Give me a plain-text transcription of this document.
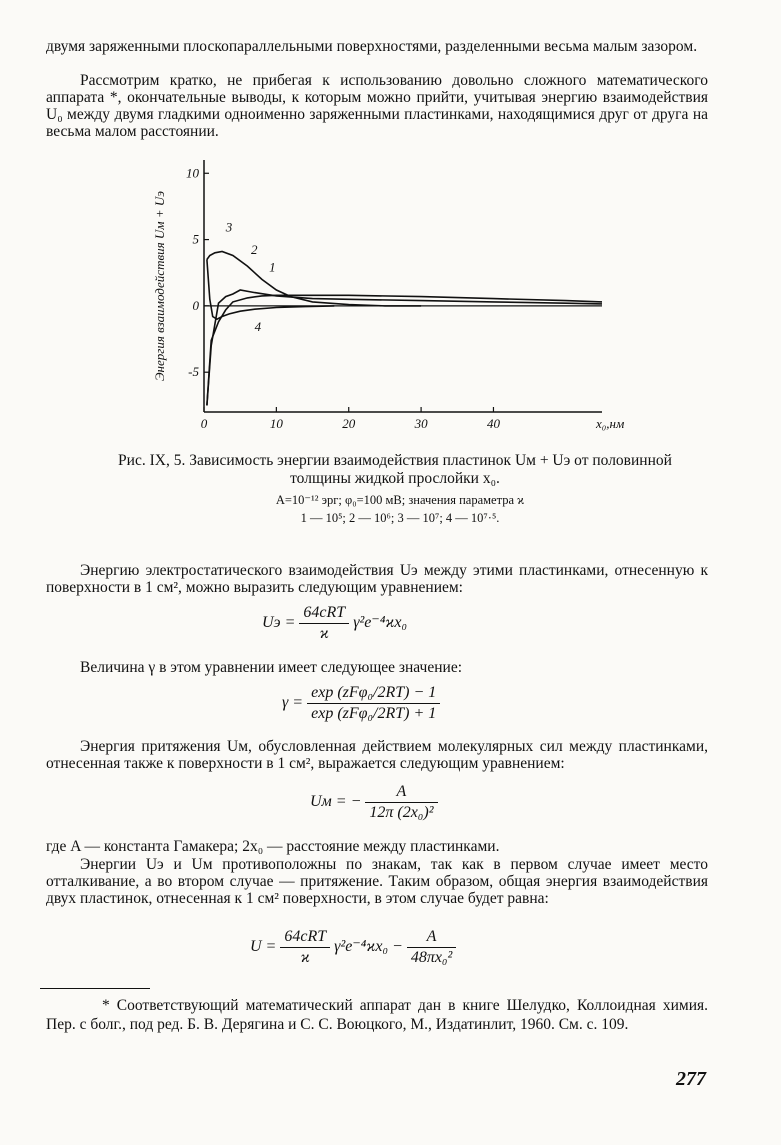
двумя заряженными плоскопараллельными поверхностями, разделенными весьма малым зазором.

Рассмотрим кратко, не прибегая к использованию довольно сложного математического аппарата *, окончательные выводы, к которым можно прийти, учитывая энергию взаимодействия U₀ между двумя гладкими одноименно заряженными пластинками, находящимися друг от друга на весьма малом расстоянии.

0	10	20	30	40
10
5
0
-5
x₀,нм
Энергия взаимодействия Uм + Uэ	1
2
3
4
Рис. IX, 5. Зависимость энергии взаимодействия пластинок Uм + Uэ от половинной толщины жидкой прослойки x₀.
A=10⁻¹² эрг; φ₀=100 мВ; значения параметра ϰ
1 — 10⁵; 2 — 10⁶; 3 — 10⁷; 4 — 10⁷·⁵.

Энергию электростатического взаимодействия Uэ между этими пластинками, отнесенную к поверхности в 1 см², можно выразить следующим уравнением:

Uэ = $\frac{\text{64cRT}}{ϰ} \gamma^2e^{-4}ϰx_0$

Величина γ в этом уравнении имеет следующее значение:

$\gamma = \frac{\text{exp (zFφ₀/2RT) − 1}}{\text{exp (zFφ₀/2RT) + 1}}$

Энергия притяжения Uм, обусловленная действием молекулярных сил между пластинками, отнесенная также к поверхности в 1 см², выражается следующим уравнением:

Uм = − $\frac{A}{\text{12π (2x₀)²}}$

где A — константа Гамакера; 2x₀ — расстояние между пластинками.

Энергии Uэ и Uм противоположны по знакам, так как в первом случае имеет место отталкивание, а во втором случае — притяжение. Таким образом, общая энергия взаимодействия двух пластинок, отнесенная к 1 см² поверхности, в этом случае будет равна:

$U = \frac{\text{64cRT}}{ϰ} \gamma^2e^{-4}ϰx_0 - \frac{A}{\text{48πx₀²}}$
* Соответствующий математический аппарат дан в книге Шелудко, Коллоидная химия. Пер. с болг., под ред. Б. В. Дерягина и С. С. Воюцкого, М., Издатинлит, 1960. См. с. 109.
277
